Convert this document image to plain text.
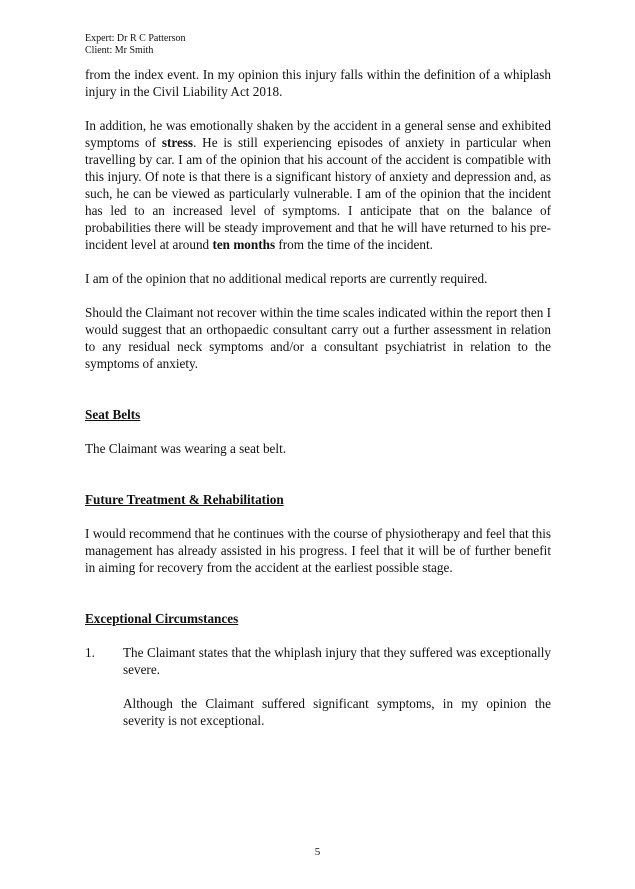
Expert: Dr R C Patterson
Client: Mr Smith

from the index event. In my opinion this injury falls within the definition of a whiplash injury in the Civil Liability Act 2018.

In addition, he was emotionally shaken by the accident in a general sense and exhibited symptoms of stress. He is still experiencing episodes of anxiety in particular when travelling by car. I am of the opinion that his account of the accident is compatible with this injury. Of note is that there is a significant history of anxiety and depression and, as such, he can be viewed as particularly vulnerable. I am of the opinion that the incident has led to an increased level of symptoms. I anticipate that on the balance of probabilities there will be steady improvement and that he will have returned to his pre-incident level at around ten months from the time of the incident.

I am of the opinion that no additional medical reports are currently required.

Should the Claimant not recover within the time scales indicated within the report then I would suggest that an orthopaedic consultant carry out a further assessment in relation to any residual neck symptoms and/or a consultant psychiatrist in relation to the symptoms of anxiety.

Seat Belts

The Claimant was wearing a seat belt.

Future Treatment & Rehabilitation

I would recommend that he continues with the course of physiotherapy and feel that this management has already assisted in his progress. I feel that it will be of further benefit in aiming for recovery from the accident at the earliest possible stage.

Exceptional Circumstances
1.	The Claimant states that the whiplash injury that they suffered was exceptionally severe.

Although the Claimant suffered significant symptoms, in my opinion the severity is not exceptional.

5
